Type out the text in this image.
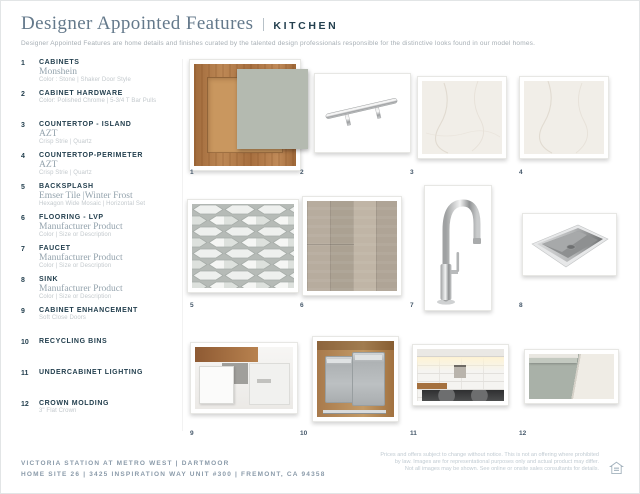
Designer Appointed Features KITCHEN
Designer Appointed Features are home details and finishes curated by the talented design professionals responsible for the distinctive looks found in our model homes.
1	CABINETS
Monshein
Color : Stone | Shaker Door Style
2	CABINET HARDWARE
Color: Polished Chrome | 5-3/4 T Bar Pulls
3	COUNTERTOP - ISLAND
AZT
Crisp Strie | Quartz
4	COUNTERTOP-PERIMETER
AZT
Crisp Strie | Quartz
5	BACKSPLASH
Emser Tile |Winter Frost
Hexagon Wide Mosaic | Horizontal Set
6	FLOORING - LVP
Manufacturer Product
Color | Size or Description
7	FAUCET
Manufacturer Product
Color | Size or Description
8	SINK
Manufacturer Product
Color | Size or Description
9	CABINET ENHANCEMENT
Soft Close Doors
10	RECYCLING BINS
11	UNDERCABINET LIGHTING
12	CROWN MOLDING
3" Flat Crown
1	2	3	4
5	6	7	8
9	10	11	12
VICTORIA STATION AT METRO WEST | DARTMOOR
HOME SITE 26 | 3425 INSPIRATION WAY UNIT #300 | FREMONT, CA 94358
Prices and offers subject to change without notice. This is not an offering where prohibited
by law. Images are for representational purposes only and actual product may differ.
Not all images may be shown. See online or onsite sales consultants for details.
